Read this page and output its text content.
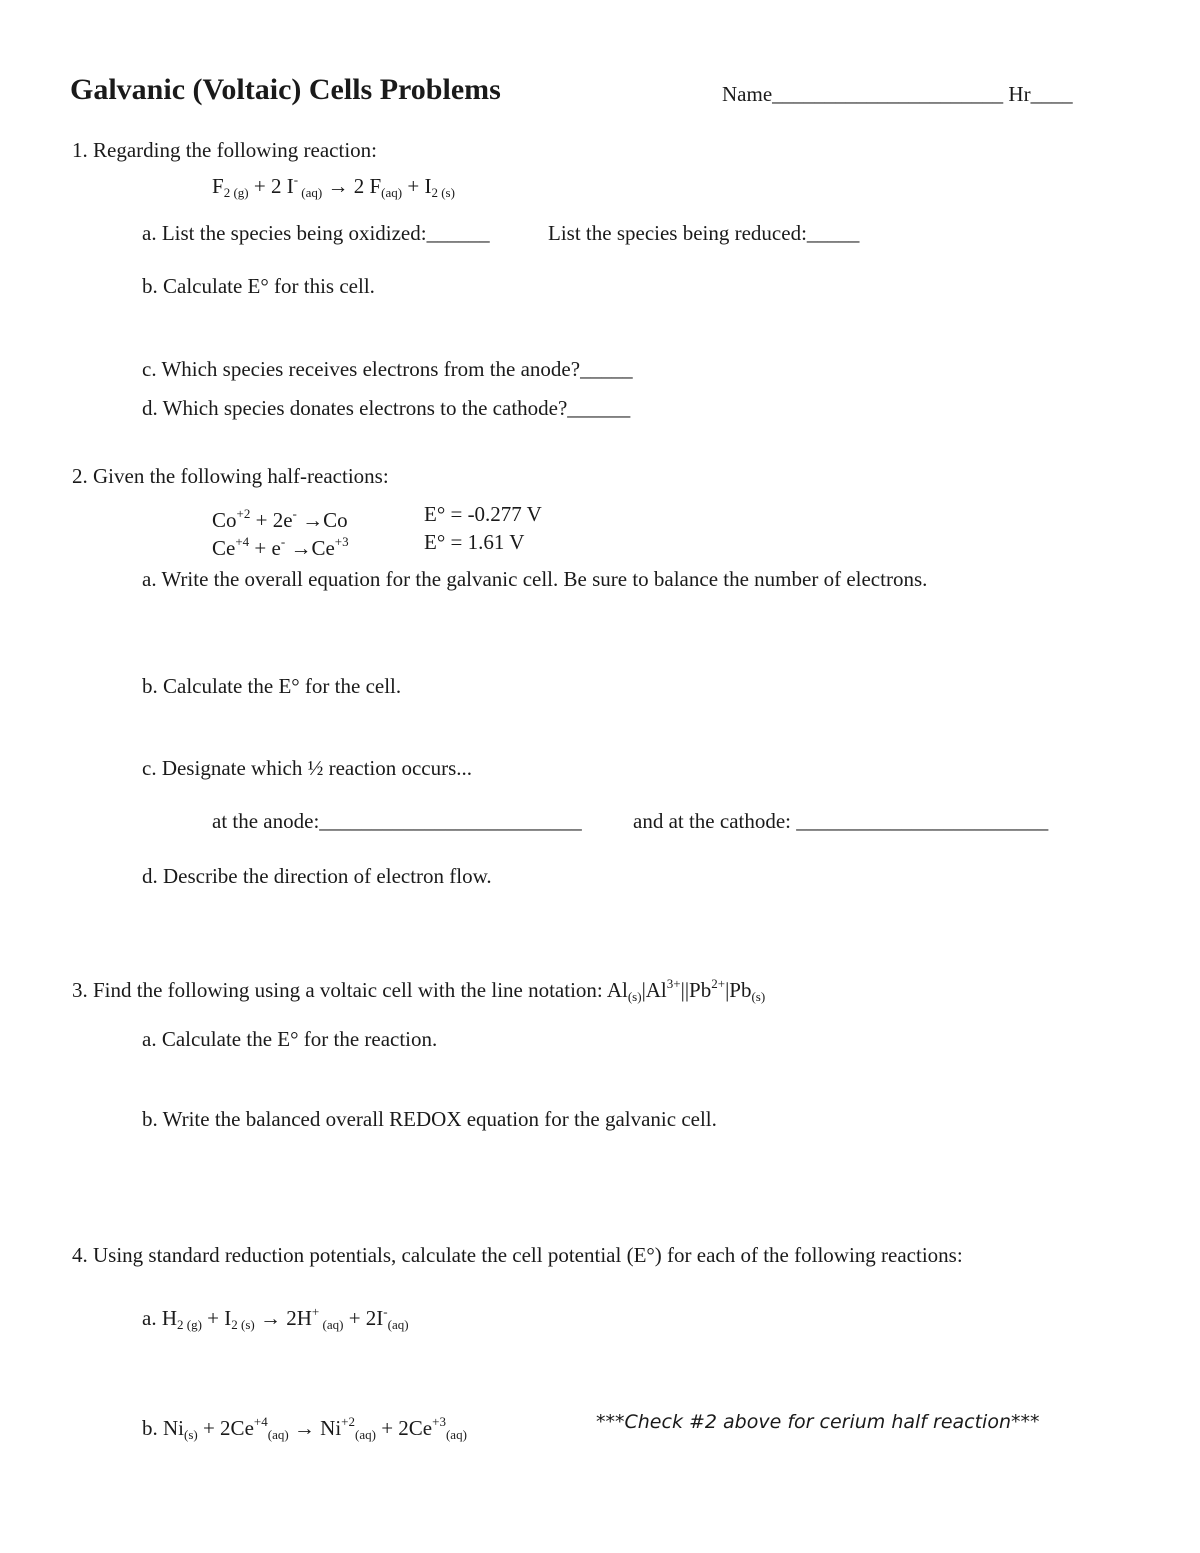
Galvanic (Voltaic) Cells Problems	Name______________________ Hr____
1. Regarding the following reaction:
$F_{2 (g)} + 2$ I- $_{(aq)}$ → 2 $F_{(aq)} + I_{2 (s)}$
a. List the species being oxidized:______	List the species being reduced:_____
b. Calculate E° for this cell.
c. Which species receives electrons from the anode?_____
d. Which species donates electrons to the cathode?______
2. Given the following half-reactions:
$Co^{+2} + 2e^- \to Co$	E° = -0.277 V
$Ce^{+4} + e^- \to Ce^{+3}$	E° = 1.61 V
a. Write the overall equation for the galvanic cell. Be sure to balance the number of electrons.
b. Calculate the E° for the cell.
c. Designate which ½ reaction occurs...
at the anode:_________________________ and at the cathode: ________________________
d. Describe the direction of electron flow.
3. Find the following using a voltaic cell with the line notation: $Al_{(s)}|Al^{3+}||Pb^{2+}|Pb_{(s)}$
a. Calculate the E° for the reaction.
b. Write the balanced overall REDOX equation for the galvanic cell.
4. Using standard reduction potentials, calculate the cell potential (E°) for each of the following reactions:
a. $H_{2 (g)} + I_{2 (s)} \to 2H^+$ $_{(aq)} + 2I^-_{(aq)}$
b. $Ni_{(s)} + 2Ce^{+4}_{(aq)} \to Ni^{+2}_{(aq)} + 2Ce^{+3}_{(aq)}$
***Check #2 above for cerium half reaction***
